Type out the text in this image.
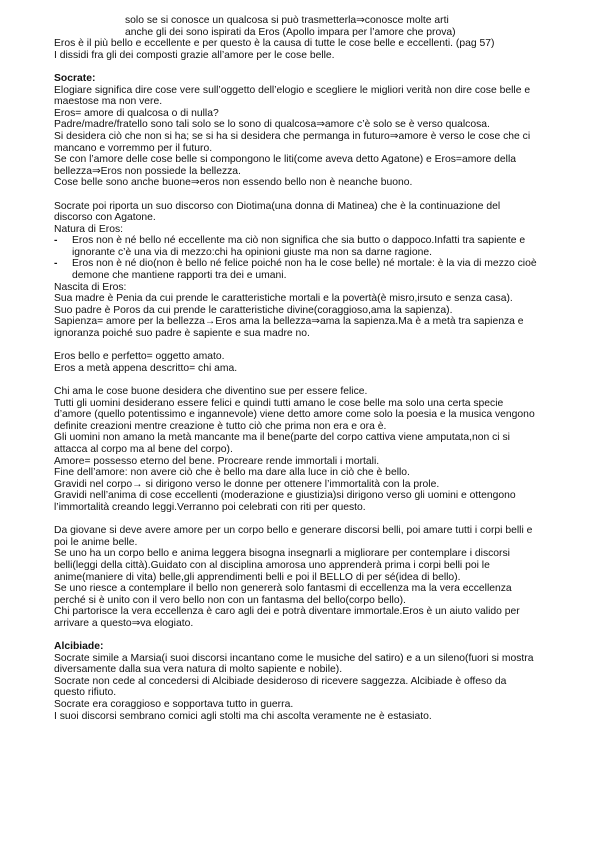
solo se si conosce un qualcosa si può trasmetterla⇒conosce molte arti
anche gli dei sono ispirati da Eros (Apollo impara per l’amore che prova)
Eros è il più bello e eccellente e per questo è la causa di tutte le cose belle e eccellenti. (pag 57)
I dissidi fra gli dei composti grazie all’amore per le cose belle.
Socrate:
Elogiare significa dire cose vere sull’oggetto dell’elogio e scegliere le migliori verità non dire cose belle e
maestose ma non vere.
Eros= amore di qualcosa o di nulla?
Padre/madre/fratello sono tali solo se lo sono di qualcosa⇒amore c’è solo se è verso qualcosa.
Si desidera ciò che non si ha; se si ha si desidera che permanga in futuro⇒amore è verso le cose che ci
mancano e vorremmo per il futuro.
Se con l’amore delle cose belle si compongono le liti(come aveva detto Agatone) e Eros=amore della
bellezza⇒Eros non possiede la bellezza.
Cose belle sono anche buone⇒eros non essendo bello non è neanche buono.
Socrate poi riporta un suo discorso con Diotima(una donna di Matinea) che è la continuazione del
discorso con Agatone.
Natura di Eros:
- Eros non è né bello né eccellente ma ciò non significa che sia butto o dappoco.Infatti tra sapiente e
ignorante c’è una via di mezzo:chi ha opinioni giuste ma non sa darne ragione.
- Eros non è né dio(non è bello né felice poiché non ha le cose belle) né mortale: è la via di mezzo cioè
demone che mantiene rapporti tra dei e umani.
Nascita di Eros:
Sua madre è Penia da cui prende le caratteristiche mortali e la povertà(è misro,irsuto e senza casa).
Suo padre è Poros da cui prende le caratteristiche divine(coraggioso,ama la sapienza).
Sapienza= amore per la bellezza→Eros ama la bellezza⇒ama la sapienza.Ma è a metà tra sapienza e
ignoranza poiché suo padre è sapiente e sua madre no.
Eros bello e perfetto= oggetto amato.
Eros a metà appena descritto= chi ama.
Chi ama le cose buone desidera che diventino sue per essere felice.
Tutti gli uomini desiderano essere felici e quindi tutti amano le cose belle ma solo una certa specie
d’amore (quello potentissimo e ingannevole) viene detto amore come solo la poesia e la musica vengono
definite creazioni mentre creazione è tutto ciò che prima non era e ora è.
Gli uomini non amano la metà mancante ma il bene(parte del corpo cattiva viene amputata,non ci si
attacca al corpo ma al bene del corpo).
Amore= possesso eterno del bene. Procreare rende immortali i mortali.
Fine dell’amore: non avere ciò che è bello ma dare alla luce in ciò che è bello.
Gravidi nel corpo→ si dirigono verso le donne per ottenere l’immortalità con la prole.
Gravidi nell’anima di cose eccellenti (moderazione e giustizia)si dirigono verso gli uomini e ottengono
l’immortalità creando leggi.Verranno poi celebrati con riti per questo.
Da giovane si deve avere amore per un corpo bello e generare discorsi belli, poi amare tutti i corpi belli e
poi le anime belle.
Se uno ha un corpo bello e anima leggera bisogna insegnarli a migliorare per contemplare i discorsi
belli(leggi della città).Guidato con al disciplina amorosa uno apprenderà prima i corpi belli poi le
anime(maniere di vita) belle,gli apprendimenti belli e poi il BELLO di per sé(idea di bello).
Se uno riesce a contemplare il bello non genererà solo fantasmi di eccellenza ma la vera eccellenza
perché si è unito con il vero bello non con un fantasma del bello(corpo bello).
Chi partorisce la vera eccellenza è caro agli dei e potrà diventare immortale.Eros è un aiuto valido per
arrivare a questo⇒va elogiato.
Alcibiade:
Socrate simile a Marsia(i suoi discorsi incantano come le musiche del satiro) e a un sileno(fuori si mostra
diversamente dalla sua vera natura di molto sapiente e nobile).
Socrate non cede al concedersi di Alcibiade desideroso di ricevere saggezza. Alcibiade è offeso da
questo rifiuto.
Socrate era coraggioso e sopportava tutto in guerra.
I suoi discorsi sembrano comici agli stolti ma chi ascolta veramente ne è estasiato.
